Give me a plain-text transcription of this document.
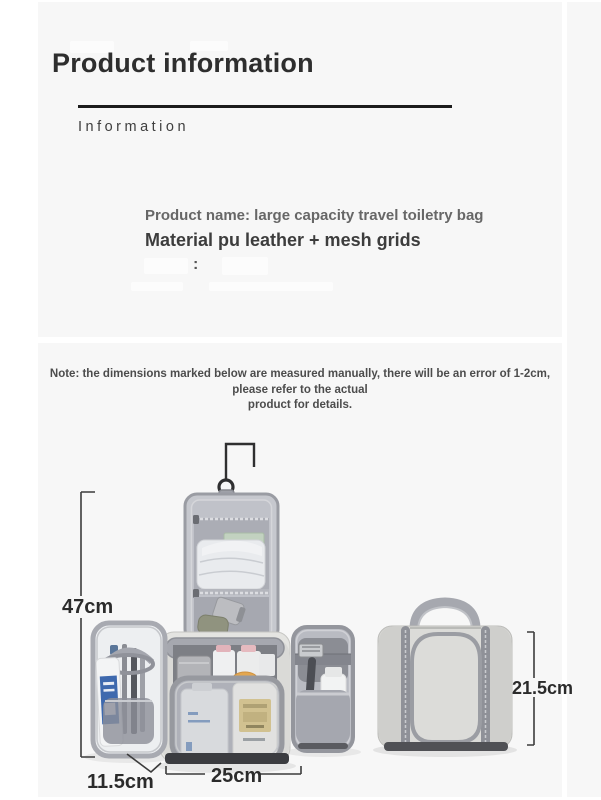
Product information
Information
Product name: large capacity travel toiletry bag
Material pu leather + mesh grids
:
Note: the dimensions marked below are measured manually, there will be an error of 1-2cm, please refer to the actual
product for details.
47cm
11.5cm	25cm
21.5cm
